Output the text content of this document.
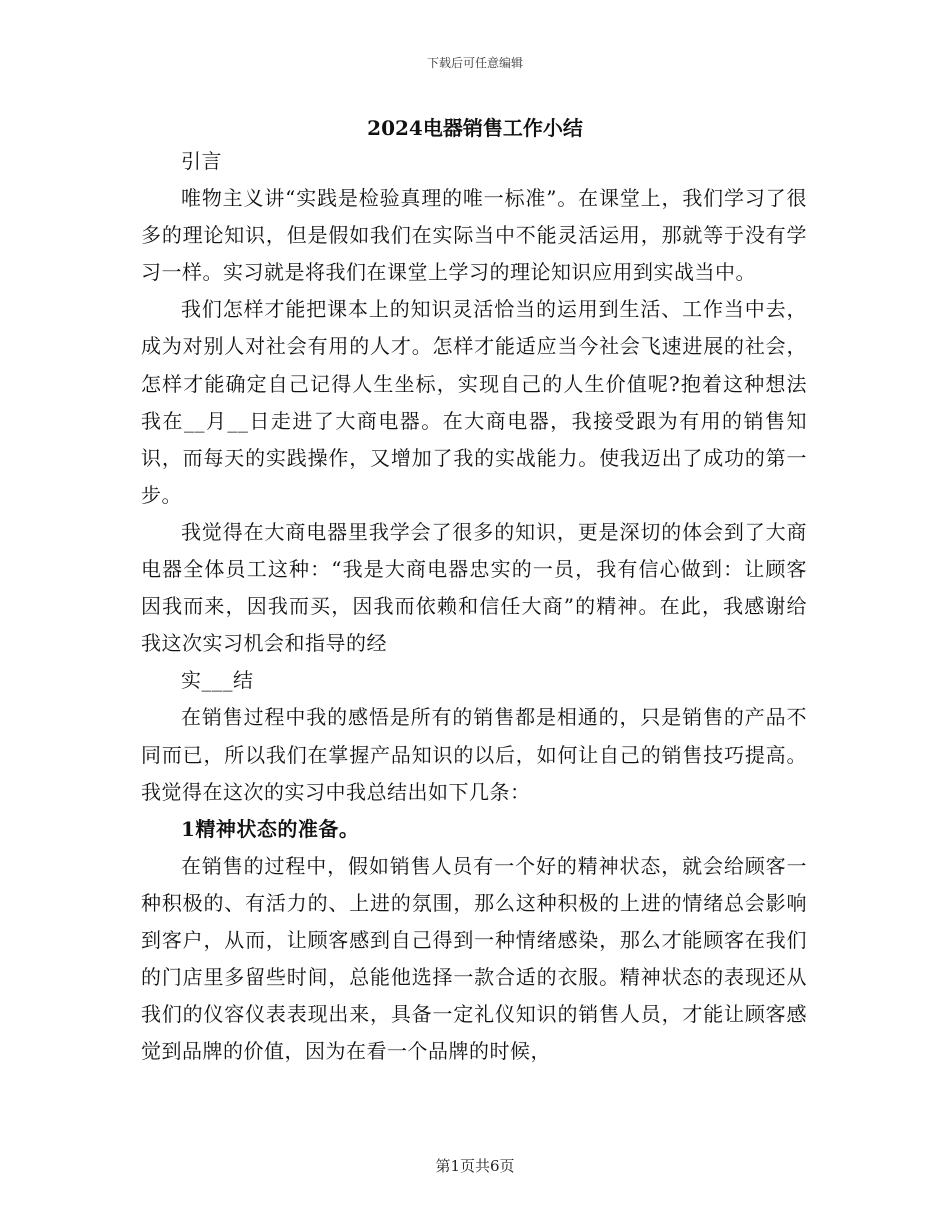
下载后可任意编辑
2024电器销售工作小结

引言

唯物主义讲“实践是检验真理的唯一标准”。在课堂上，我们学习了很多的理论知识，但是假如我们在实际当中不能灵活运用，那就等于没有学习一样。实习就是将我们在课堂上学习的理论知识应用到实战当中。

我们怎样才能把课本上的知识灵活恰当的运用到生活、工作当中去，成为对别人对社会有用的人才。怎样才能适应当今社会飞速进展的社会，怎样才能确定自己记得人生坐标，实现自己的人生价值呢?抱着这种想法我在__月__日走进了大商电器。在大商电器，我接受跟为有用的销售知识，而每天的实践操作，又增加了我的实战能力。使我迈出了成功的第一步。

我觉得在大商电器里我学会了很多的知识，更是深切的体会到了大商电器全体员工这种：“我是大商电器忠实的一员，我有信心做到：让顾客因我而来，因我而买，因我而依赖和信任大商”的精神。在此，我感谢给我这次实习机会和指导的经

实___结

在销售过程中我的感悟是所有的销售都是相通的，只是销售的产品不同而已，所以我们在掌握产品知识的以后，如何让自己的销售技巧提高。我觉得在这次的实习中我总结出如下几条：

1精神状态的准备。

在销售的过程中，假如销售人员有一个好的精神状态，就会给顾客一种积极的、有活力的、上进的氛围，那么这种积极的上进的情绪总会影响到客户，从而，让顾客感到自己得到一种情绪感染，那么才能顾客在我们的门店里多留些时间，总能他选择一款合适的衣服。精神状态的表现还从我们的仪容仪表表现出来，具备一定礼仪知识的销售人员，才能让顾客感觉到品牌的价值，因为在看一个品牌的时候，

第1页共6页
